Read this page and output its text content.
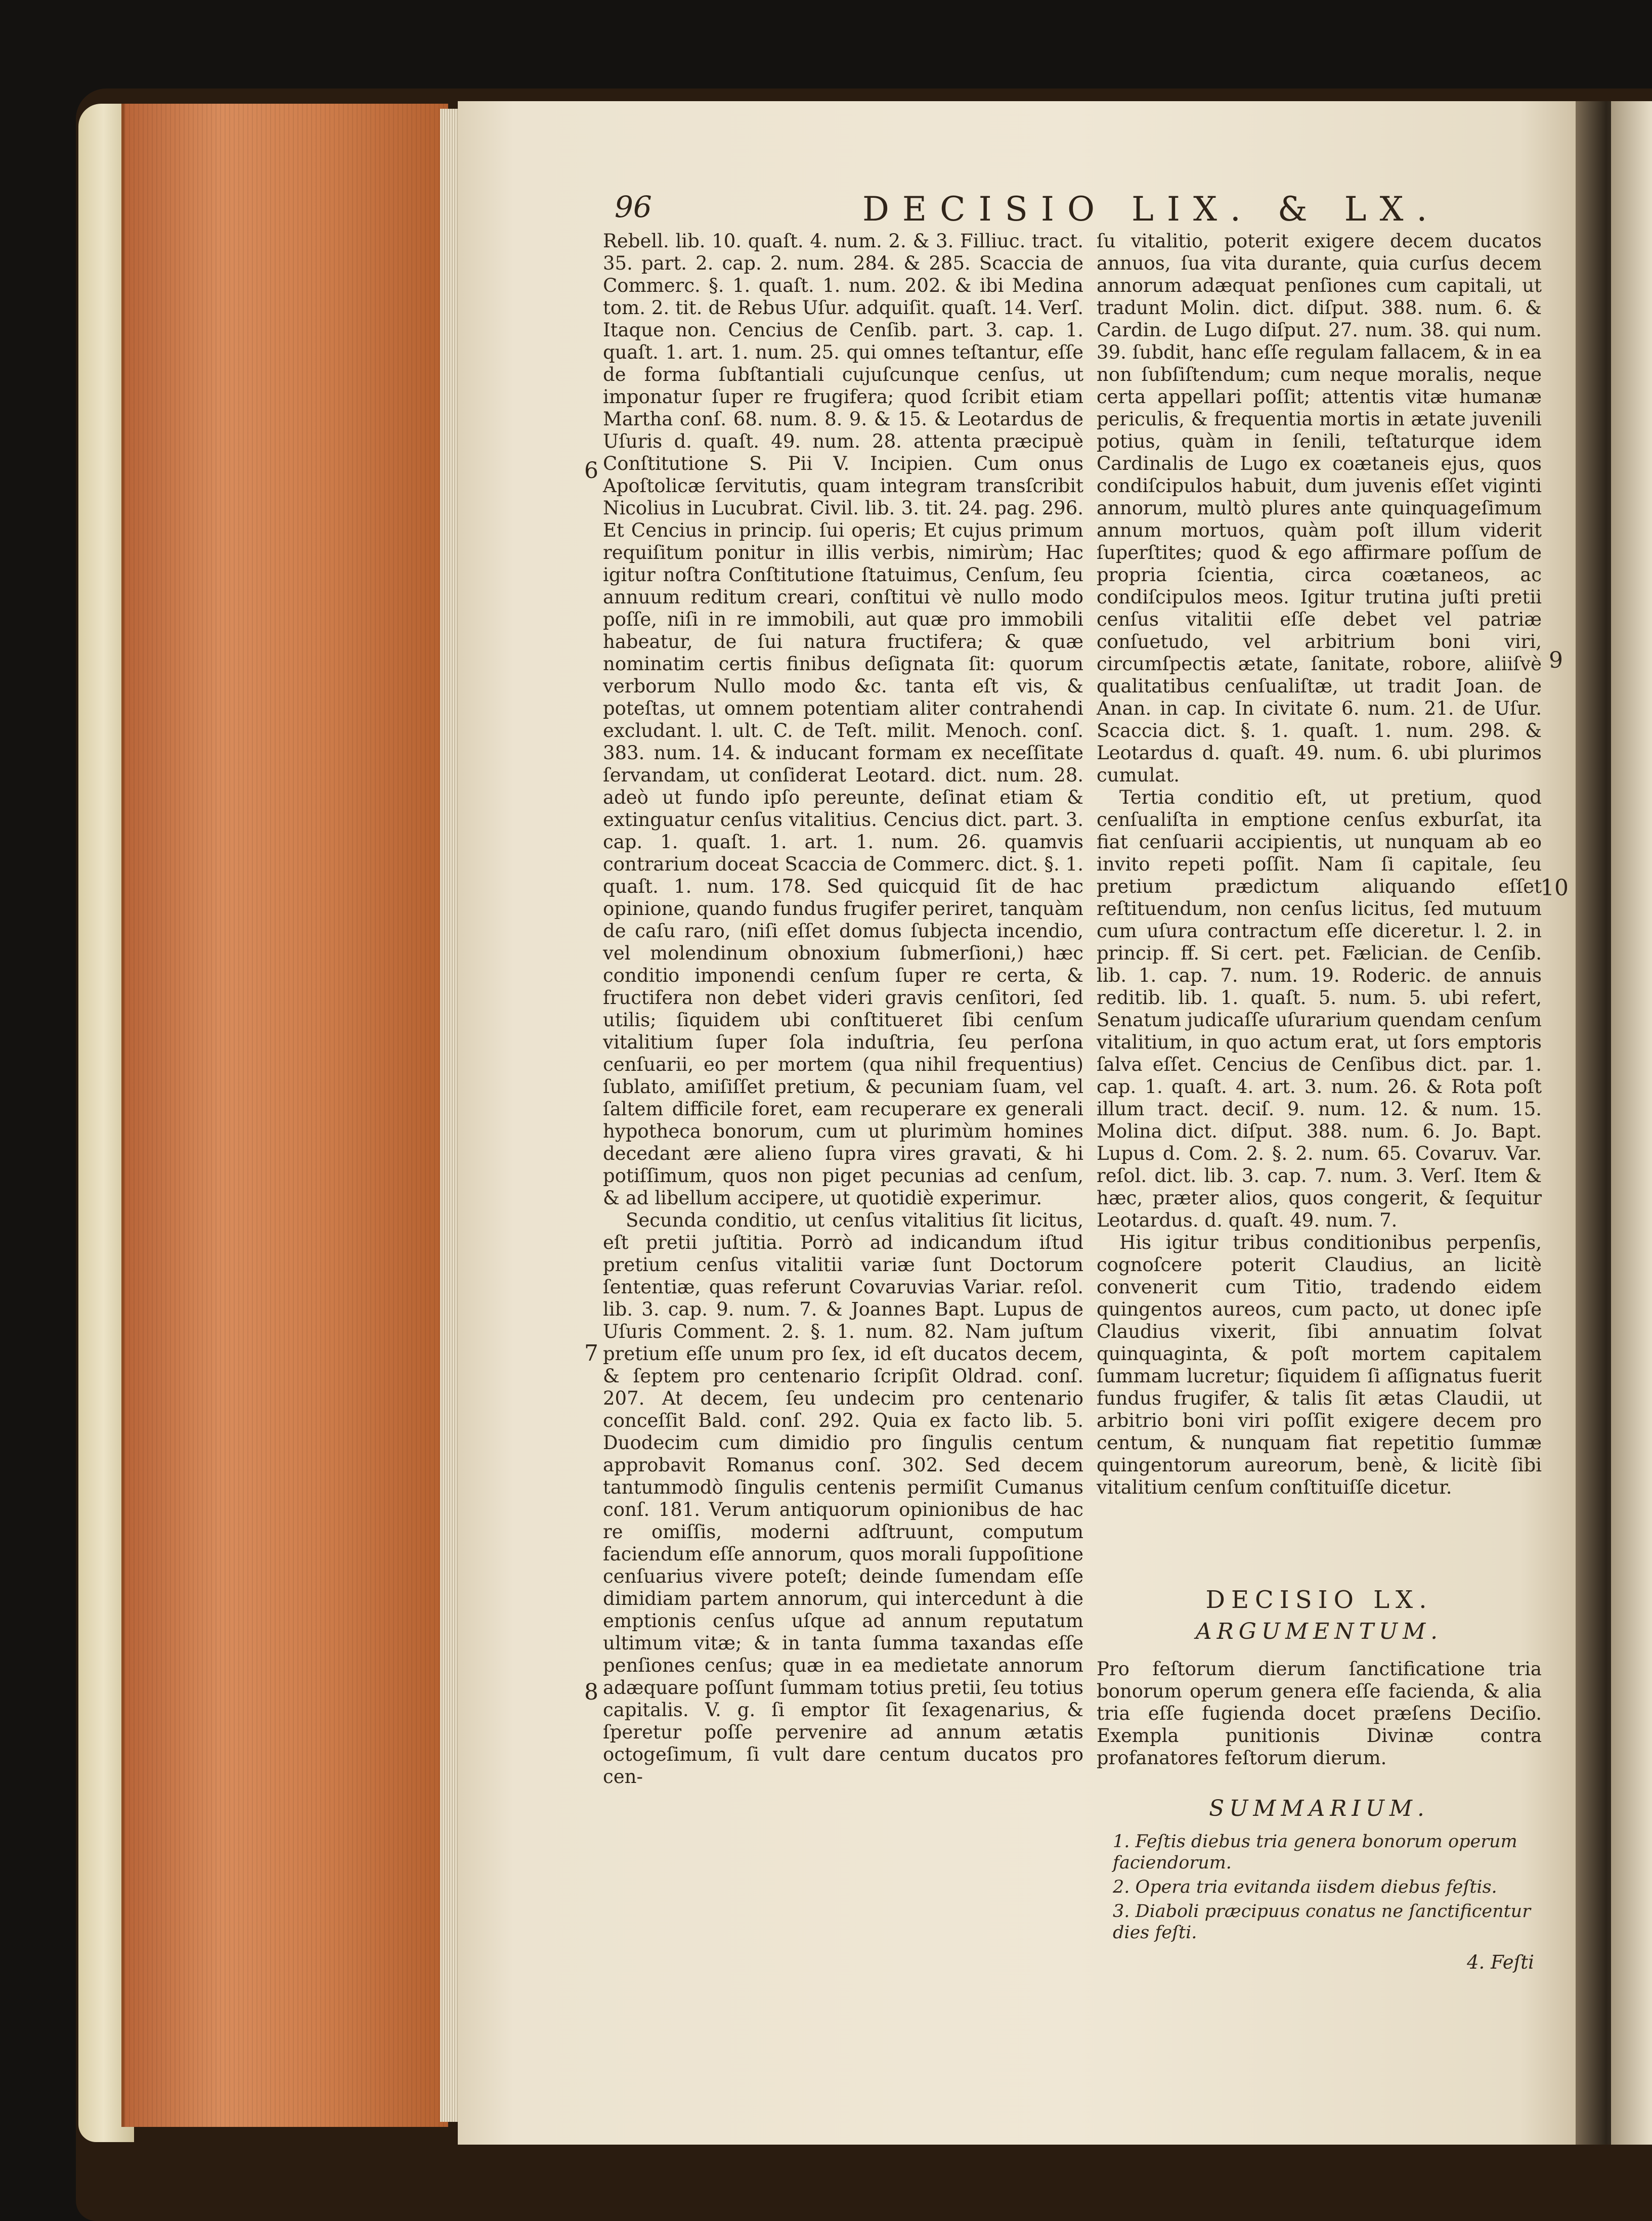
96	DECISIO LIX. & LX.

Rebell. lib. 10. quaſt. 4. num. 2. & 3. Filliuc. tract. 35. part. 2. cap. 2. num. 284. & 285. Scaccia de Commerc. §. 1. quaſt. 1. num. 202. & ibi Medina tom. 2. tit. de Rebus Uſur. adquiſit. quaſt. 14. Verſ. Itaque non. Cencius de Cenſib. part. 3. cap. 1. quaſt. 1. art. 1. num. 25. qui omnes teſtantur, eſſe de forma ſubſtantiali cujuſcunque cenſus, ut imponatur ſuper re frugifera; quod ſcribit etiam Martha conſ. 68. num. 8. 9. & 15. & Leotardus de Uſuris d. quaſt. 49. num. 28. attenta præcipuè Conſtitutione S. Pii V. Incipien. Cum onus Apoſtolicæ ſervitutis, quam integram transſcribit Nicolius in Lucubrat. Civil. lib. 3. tit. 24. pag. 296. Et Cencius in princip. ſui operis; Et cujus primum requiſitum ponitur in illis verbis, nimirùm; Hac igitur noſtra Conſtitutione ſtatuimus, Cenſum, ſeu annuum reditum creari, conſtitui vè nullo modo poſſe, niſi in re immobili, aut quæ pro immobili habeatur, de ſui natura fructifera; & quæ nominatim certis finibus deſignata ſit: quorum verborum Nullo modo &c. tanta eſt vis, & poteſtas, ut omnem potentiam aliter contrahendi excludant. l. ult. C. de Teſt. milit. Menoch. conſ. 383. num. 14. & inducant formam ex neceſſitate ſervandam, ut conſiderat Leotard. dict. num. 28. adeò ut fundo ipſo pereunte, deſinat etiam & extinguatur cenſus vitalitius. Cencius dict. part. 3. cap. 1. quaſt. 1. art. 1. num. 26. quamvis contrarium doceat Scaccia de Commerc. dict. §. 1. quaſt. 1. num. 178. Sed quicquid ſit de hac opinione, quando fundus frugifer periret, tanquàm de caſu raro, (niſi eſſet domus ſubjecta incendio, vel molendinum obnoxium ſubmerſioni,) hæc conditio imponendi cenſum ſuper re certa, & fructifera non debet videri gravis cenſitori, ſed utilis; ſiquidem ubi conſtitueret ſibi cenſum vitalitium ſuper ſola induſtria, ſeu perſona cenſuarii, eo per mortem (qua nihil frequentius) ſublato, amiſiſſet pretium, & pecuniam ſuam, vel ſaltem difficile foret, eam recuperare ex generali hypotheca bonorum, cum ut plurimùm homines decedant ære alieno ſupra vires gravati, & hi potiſſimum, quos non piget pecunias ad cenſum, & ad libellum accipere, ut quotidiè experimur.

Secunda conditio, ut cenſus vitalitius ſit licitus, eſt pretii juſtitia. Porrò ad indicandum iſtud pretium cenſus vitalitii variæ ſunt Doctorum ſententiæ, quas referunt Covaruvias Variar. reſol. lib. 3. cap. 9. num. 7. & Joannes Bapt. Lupus de Uſuris Comment. 2. §. 1. num. 82. Nam juſtum pretium eſſe unum pro ſex, id eſt ducatos decem, & ſeptem pro centenario ſcripſit Oldrad. conſ. 207. At decem, ſeu undecim pro centenario conceſſit Bald. conſ. 292. Quia ex facto lib. 5. Duodecim cum dimidio pro ſingulis centum approbavit Romanus conſ. 302. Sed decem tantummodò ſingulis centenis permiſit Cumanus conſ. 181. Verum antiquorum opinionibus de hac re omiſſis, moderni adſtruunt, computum faciendum eſſe annorum, quos morali ſuppoſitione cenſuarius vivere poteſt; deinde ſumendam eſſe dimidiam partem annorum, qui intercedunt à die emptionis cenſus uſque ad annum reputatum ultimum vitæ; & in tanta ſumma taxandas eſſe penſiones cenſus; quæ in ea medietate annorum adæquare poſſunt ſummam totius pretii, ſeu totius capitalis. V. g. ſi emptor ſit ſexagenarius, & ſperetur poſſe pervenire ad annum ætatis octogeſimum, ſi vult dare centum ducatos pro cen-

ſu vitalitio, poterit exigere decem ducatos annuos, ſua vita durante, quia curſus decem annorum adæquat penſiones cum capitali, ut tradunt Molin. dict. diſput. 388. num. 6. & Cardin. de Lugo diſput. 27. num. 38. qui num. 39. ſubdit, hanc eſſe regulam fallacem, & in ea non ſubſiſtendum; cum neque moralis, neque certa appellari poſſit; attentis vitæ humanæ periculis, & frequentia mortis in ætate juvenili potius, quàm in ſenili, teſtaturque idem Cardinalis de Lugo ex coætaneis ejus, quos condiſcipulos habuit, dum juvenis eſſet viginti annorum, multò plures ante quinquageſimum annum mortuos, quàm poſt illum viderit ſuperſtites; quod & ego affirmare poſſum de propria ſcientia, circa coætaneos, ac condiſcipulos meos. Igitur trutina juſti pretii cenſus vitalitii eſſe debet vel patriæ conſuetudo, vel arbitrium boni viri, circumſpectis ætate, ſanitate, robore, aliiſvè qualitatibus cenſualiſtæ, ut tradit Joan. de Anan. in cap. In civitate 6. num. 21. de Uſur. Scaccia dict. §. 1. quaſt. 1. num. 298. & Leotardus d. quaſt. 49. num. 6. ubi plurimos cumulat.

Tertia conditio eſt, ut pretium, quod cenſualiſta in emptione cenſus exburſat, ita fiat cenſuarii accipientis, ut nunquam ab eo invito repeti poſſit. Nam ſi capitale, ſeu pretium prædictum aliquando eſſet reſtituendum, non cenſus licitus, ſed mutuum cum uſura contractum eſſe diceretur. l. 2. in princip. ff. Si cert. pet. Fælician. de Cenſib. lib. 1. cap. 7. num. 19. Roderic. de annuis reditib. lib. 1. quaſt. 5. num. 5. ubi refert, Senatum judicaſſe uſurarium quendam cenſum vitalitium, in quo actum erat, ut ſors emptoris ſalva eſſet. Cencius de Cenſibus dict. par. 1. cap. 1. quaſt. 4. art. 3. num. 26. & Rota poſt illum tract. deciſ. 9. num. 12. & num. 15. Molina dict. diſput. 388. num. 6. Jo. Bapt. Lupus d. Com. 2. §. 2. num. 65. Covaruv. Var. reſol. dict. lib. 3. cap. 7. num. 3. Verſ. Item & hæc, præter alios, quos congerit, & ſequitur Leotardus. d. quaſt. 49. num. 7.

His igitur tribus conditionibus perpenſis, cognoſcere poterit Claudius, an licitè convenerit cum Titio, tradendo eidem quingentos aureos, cum pacto, ut donec ipſe Claudius vixerit, ſibi annuatim ſolvat quinquaginta, & poſt mortem capitalem ſummam lucretur; ſiquidem ſi aſſignatus fuerit fundus frugifer, & talis ſit ætas Claudii, ut arbitrio boni viri poſſit exigere decem pro centum, & nunquam fiat repetitio ſummæ quingentorum aureorum, benè, & licitè ſibi vitalitium cenſum conſtituiſſe dicetur.

6
7
8
9
10
DECISIO LX.
ARGUMENTUM.
Pro feſtorum dierum ſanctificatione tria bonorum operum genera eſſe facienda, & alia tria eſſe fugienda docet præſens Deciſio. Exempla punitionis Divinæ contra profanatores feſtorum dierum.
SUMMARIUM.
1. Feſtis diebus tria genera bonorum operum faciendorum.
2. Opera tria evitanda iisdem diebus feſtis.
3. Diaboli præcipuus conatus ne ſanctificentur dies feſti.
4. Feſti
